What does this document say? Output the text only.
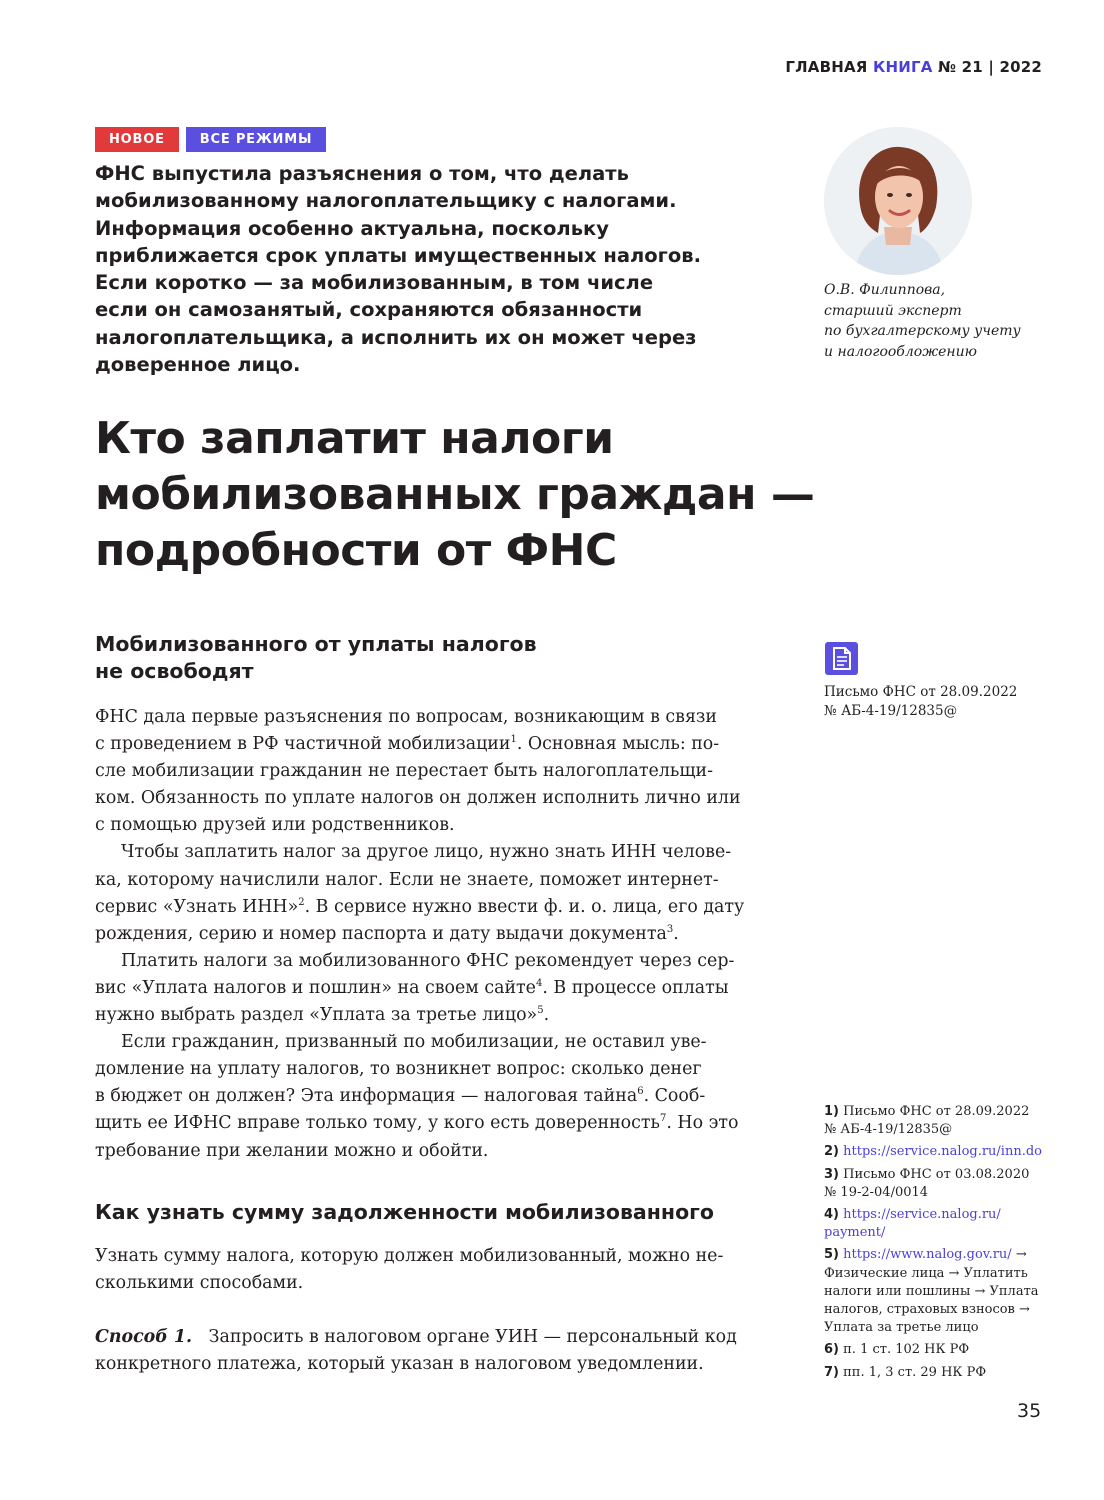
ГЛАВНАЯ КНИГА № 21 | 2022
НОВОЕ	ВСЕ РЕЖИМЫ

ФНС выпустила разъяснения о том, что делать
мобилизованному налогоплательщику с налогами.
Информация особенно актуальна, поскольку
приближается срок уплаты имущественных налогов.
Если коротко — за мобилизованным, в том числе
если он самозанятый, сохраняются обязанности
налогоплательщика, а исполнить их он может через
доверенное лицо.

О.В. Филиппова,
старший эксперт
по бухгалтерскому учету
и налогообложению
Кто заплатит налоги
мобилизованных граждан —
подробности от ФНС
Мобилизованного от уплаты налогов
не освободят
Письмо ФНС от 28.09.2022
№ АБ-4-19/12835@
ФНС дала первые разъяснения по вопросам, возникающим в связи
с проведением в РФ частичной мобилизации$^1$. Основная мысль: по-
сле мобилизации гражданин не перестает быть налогоплательщи-
ком. Обязанность по уплате налогов он должен исполнить лично или
с помощью друзей или родственников.
Чтобы заплатить налог за другое лицо, нужно знать ИНН челове-
ка, которому начислили налог. Если не знаете, поможет интернет-
сервис «Узнать ИНН»$^2$. В сервисе нужно ввести ф. и. о. лица, его дату
рождения, серию и номер паспорта и дату выдачи документа$^3$.
Платить налоги за мобилизованного ФНС рекомендует через сер-
вис «Уплата налогов и пошлин» на своем сайте$^4$. В процессе оплаты
нужно выбрать раздел «Уплата за третье лицо»$^5$.
Если гражданин, призванный по мобилизации, не оставил уве-
домление на уплату налогов, то возникнет вопрос: сколько денег
в бюджет он должен? Эта информация — налоговая тайна$^6$. Сооб-
щить ее ИФНС вправе только тому, у кого есть доверенность$^7$. Но это
требование при желании можно и обойти.
Как узнать сумму задолженности мобилизованного
Узнать сумму налога, которую должен мобилизованный, можно не-
сколькими способами.
Способ 1. Запросить в налоговом органе УИН — персональный код
конкретного платежа, который указан в налоговом уведомлении.
1) Письмо ФНС от 28.09.2022
№ АБ-4-19/12835@
2) https://service.nalog.ru/inn.do
3) Письмо ФНС от 03.08.2020
№ 19-2-04/0014
4) https://service.nalog.ru/
payment/
5) https://www.nalog.gov.ru/ →
Физические лица → Уплатить
налоги или пошлины → Уплата
налогов, страховых взносов →
Уплата за третье лицо
6) п. 1 ст. 102 НК РФ
7) пп. 1, 3 ст. 29 НК РФ
35
